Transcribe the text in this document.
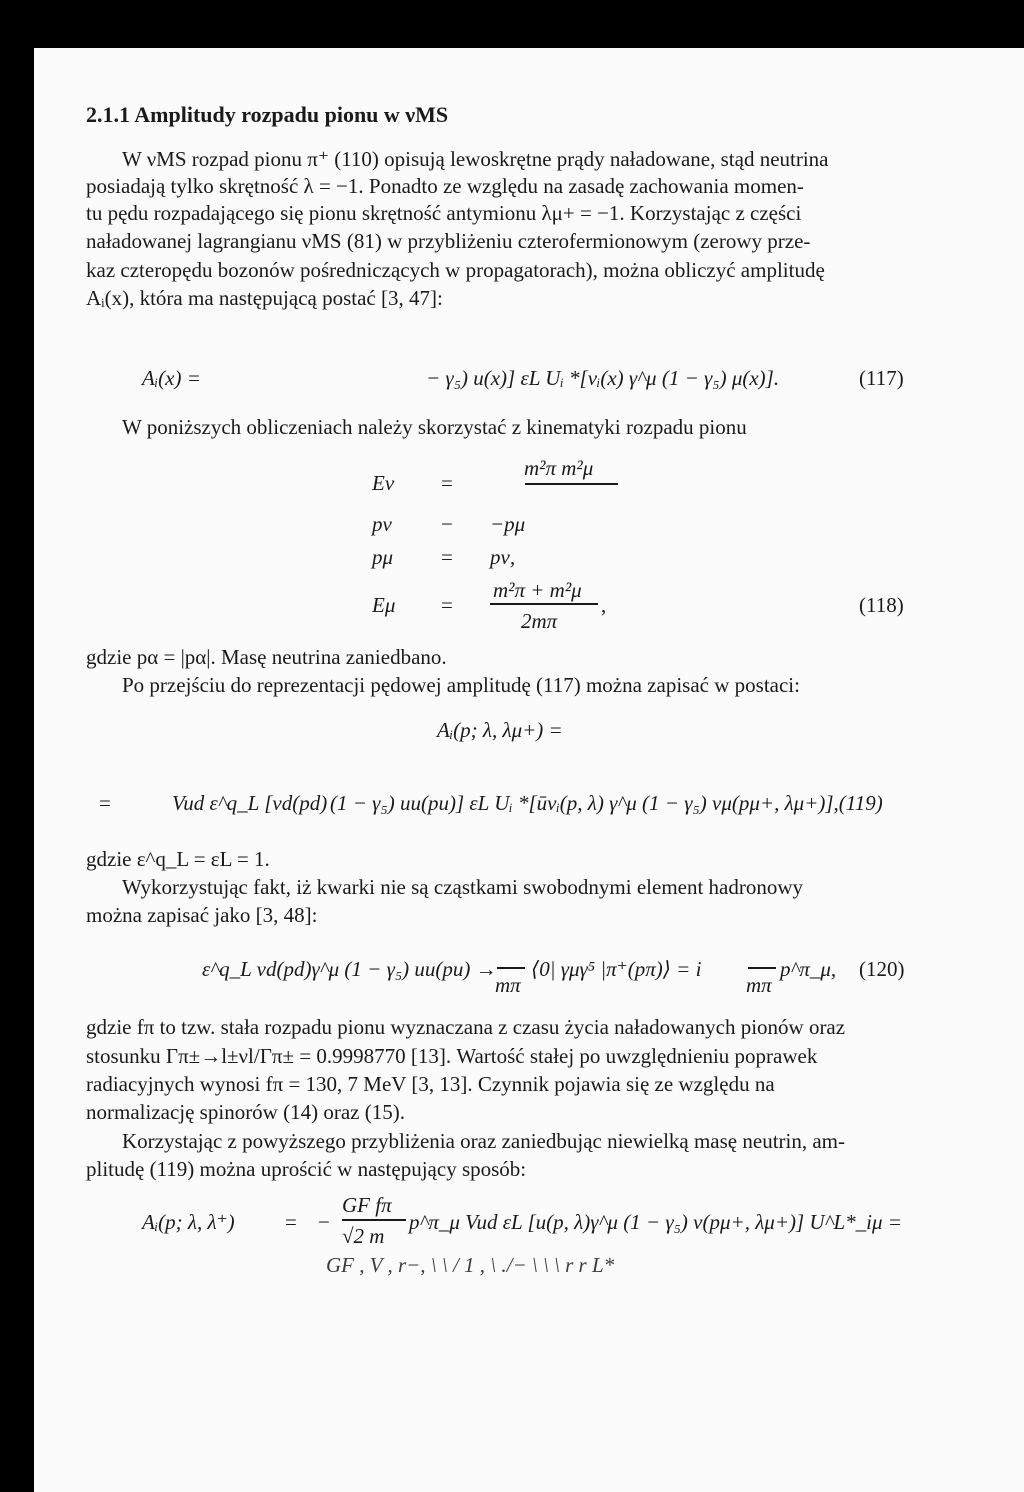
2.1.1 Amplitudy rozpadu pionu w νMS
W νMS rozpad pionu π⁺ (110) opisują lewoskrętne prądy naładowane, stąd neutrina
posiadają tylko skrętność λ = −1. Ponadto ze względu na zasadę zachowania momen-
tu pędu rozpadającego się pionu skrętność antymionu λμ+ = −1. Korzystając z części
naładowanej lagrangianu νMS (81) w przybliżeniu czterofermionowym (zerowy prze-
kaz czteropędu bozonów pośredniczących w propagatorach), można obliczyć amplitudę
Aᵢ(x), która ma następującą postać [3, 47]:
Aᵢ(x) =	− γ₅) u(x)] εL Uᵢ *[νᵢ(x) γ^μ (1 − γ₅) μ(x)].	(117)
W poniższych obliczeniach należy skorzystać z kinematyki rozpadu pionu
Eν =
m²π m²μ
pν − −pμ
pμ = pν,
Eμ =
m²π + m²μ
2mπ
,	(118)
gdzie pα = |pα|. Masę neutrina zaniedbano.
Po przejściu do reprezentacji pędowej amplitudę (117) można zapisać w postaci:
Aᵢ(p; λ, λμ+) =
=	Vud ε^q_L [vd(pd) (1 − γ₅) uu(pu)] εL Uᵢ *[ūνᵢ(p, λ) γ^μ (1 − γ₅) vμ(pμ+, λμ+)],(119)
gdzie ε^q_L = εL = 1.
Wykorzystując fakt, iż kwarki nie są cząstkami swobodnymi element hadronowy
można zapisać jako [3, 48]:
ε^q_L vd(pd)γ^μ (1 − γ₅) uu(pu) →
mπ
⟨0| γμγ⁵ |π⁺(pπ)⟩ = i
mπ
p^π_μ, (120)
gdzie fπ to tzw. stała rozpadu pionu wyznaczana z czasu życia naładowanych pionów oraz
stosunku Γπ±→l±νl/Γπ± = 0.9998770 [13]. Wartość stałej po uwzględnieniu poprawek
radiacyjnych wynosi fπ = 130, 7 MeV [3, 13]. Czynnik pojawia się ze względu na
normalizację spinorów (14) oraz (15).
Korzystając z powyższego przybliżenia oraz zaniedbując niewielką masę neutrin, am-
plitudę (119) można uprościć w następujący sposób:
Aᵢ(p; λ, λ⁺) = −
GF fπ
√2 m
p^π_μ Vud εL [u(p, λ)γ^μ (1 − γ₅) v(pμ+, λμ+)] U^L*_iμ =
GF , V , r−, \ \ / 1 , \ ./− \ \ \ r r L*
